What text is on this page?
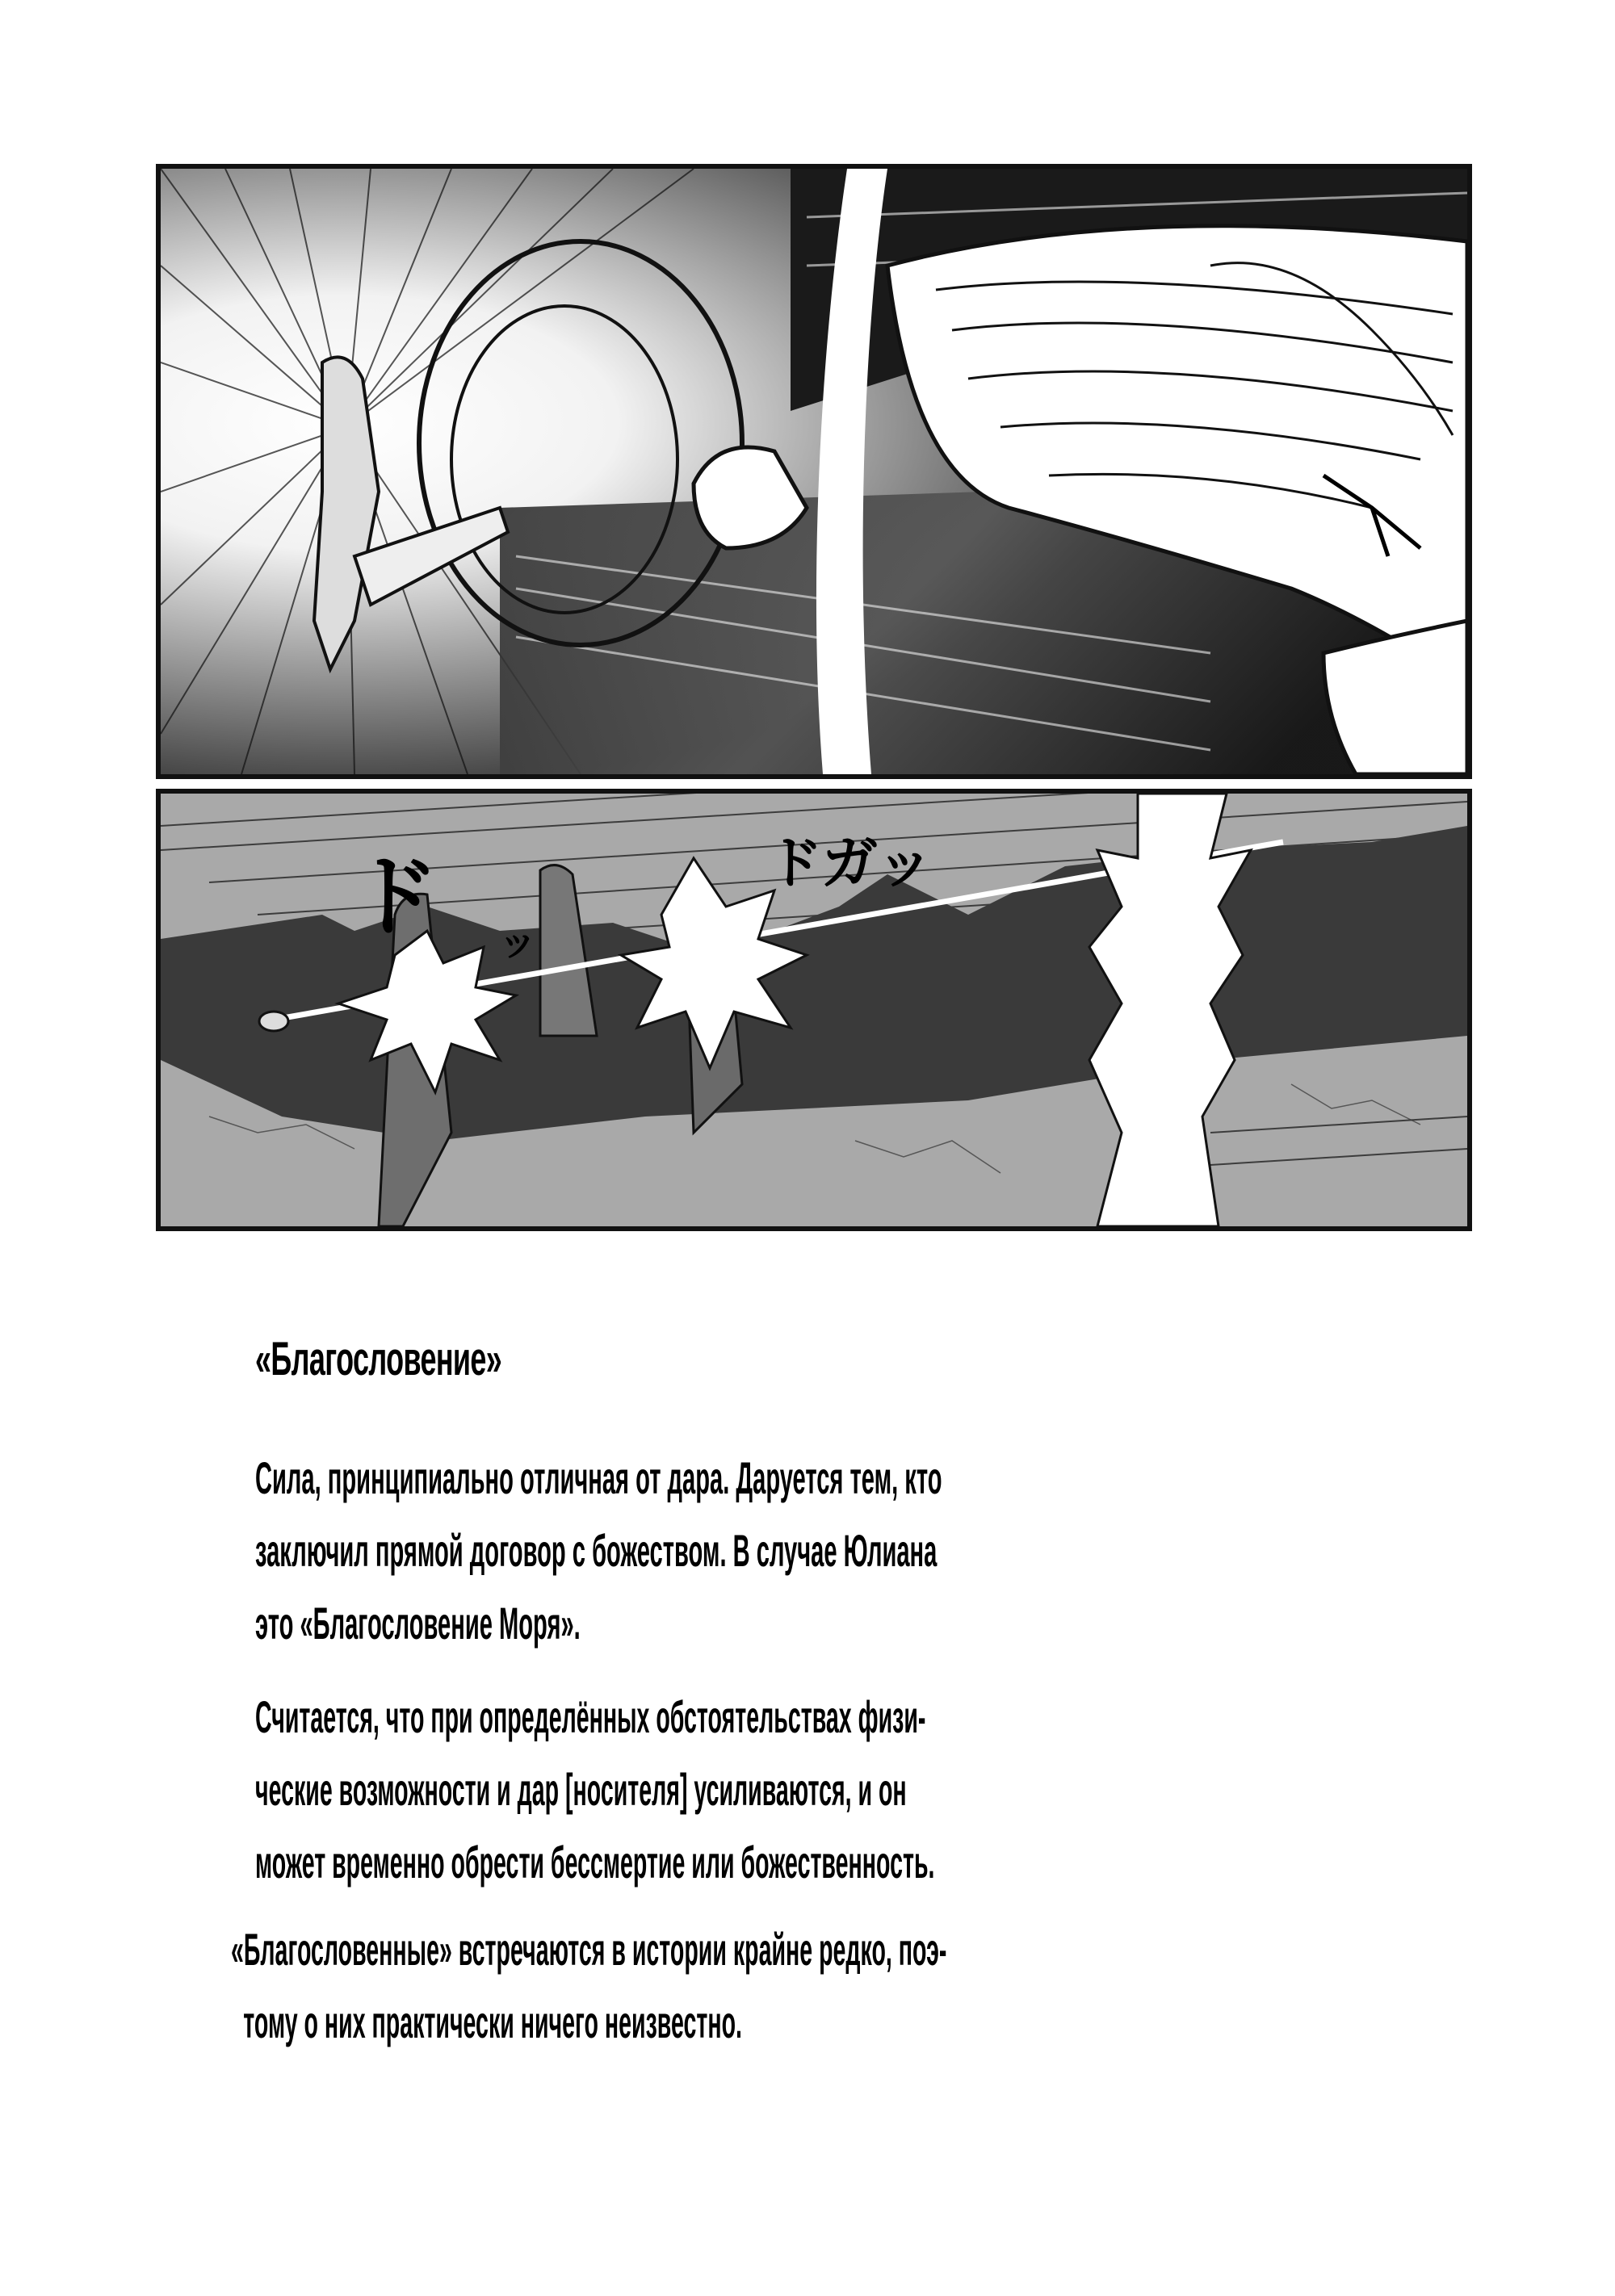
ド ッ
ドガッ
«Благословение»
Сила, принципиально отличная от дара. Даруется тем, кто
заключил прямой договор с божеством. В случае Юлиана
это «Благословение Моря».
Считается, что при определённых обстоятельствах физи-
ческие возможности и дар [носителя] усиливаются, и он
может временно обрести бессмертие или божественность.
«Благословенные» встречаются в истории крайне редко, поэ-
тому о них практически ничего неизвестно.
